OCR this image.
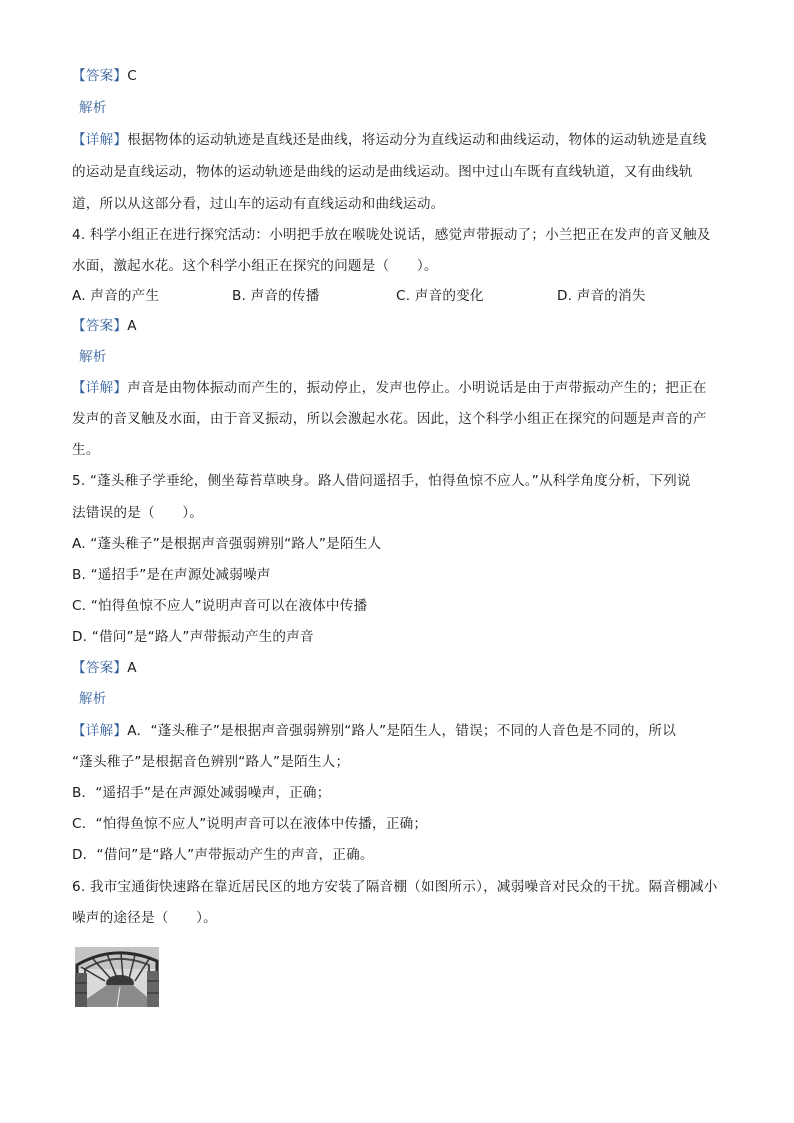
【答案】C
解析
【详解】根据物体的运动轨迹是直线还是曲线，将运动分为直线运动和曲线运动，物体的运动轨迹是直线
的运动是直线运动，物体的运动轨迹是曲线的运动是曲线运动。图中过山车既有直线轨道，又有曲线轨
道，所以从这部分看，过山车的运动有直线运动和曲线运动。
4. 科学小组正在进行探究活动：小明把手放在喉咙处说话，感觉声带振动了；小兰把正在发声的音叉触及
水面，激起水花。这个科学小组正在探究的问题是（　　）。
A. 声音的产生	B. 声音的传播	C. 声音的变化	D. 声音的消失
【答案】A
解析
【详解】声音是由物体振动而产生的，振动停止，发声也停止。小明说话是由于声带振动产生的；把正在
发声的音叉触及水面，由于音叉振动，所以会激起水花。因此，这个科学小组正在探究的问题是声音的产
生。
5. “蓬头稚子学垂纶，侧坐莓苔草映身。路人借问遥招手，怕得鱼惊不应人。”从科学角度分析，下列说
法错误的是（　　）。
A. “蓬头稚子”是根据声音强弱辨别“路人”是陌生人
B. “遥招手”是在声源处减弱噪声
C. “怕得鱼惊不应人”说明声音可以在液体中传播
D. “借问”是“路人”声带振动产生的声音
【答案】A
解析
【详解】A．“蓬头稚子”是根据声音强弱辨别“路人”是陌生人，错误；不同的人音色是不同的，所以
“蓬头稚子”是根据音色辨别“路人”是陌生人；
B．“遥招手”是在声源处减弱噪声，正确；
C．“怕得鱼惊不应人”说明声音可以在液体中传播，正确；
D．“借问”是“路人”声带振动产生的声音，正确。
6. 我市宝通街快速路在靠近居民区的地方安装了隔音棚（如图所示），减弱噪音对民众的干扰。隔音棚减小
噪声的途径是（　　）。
